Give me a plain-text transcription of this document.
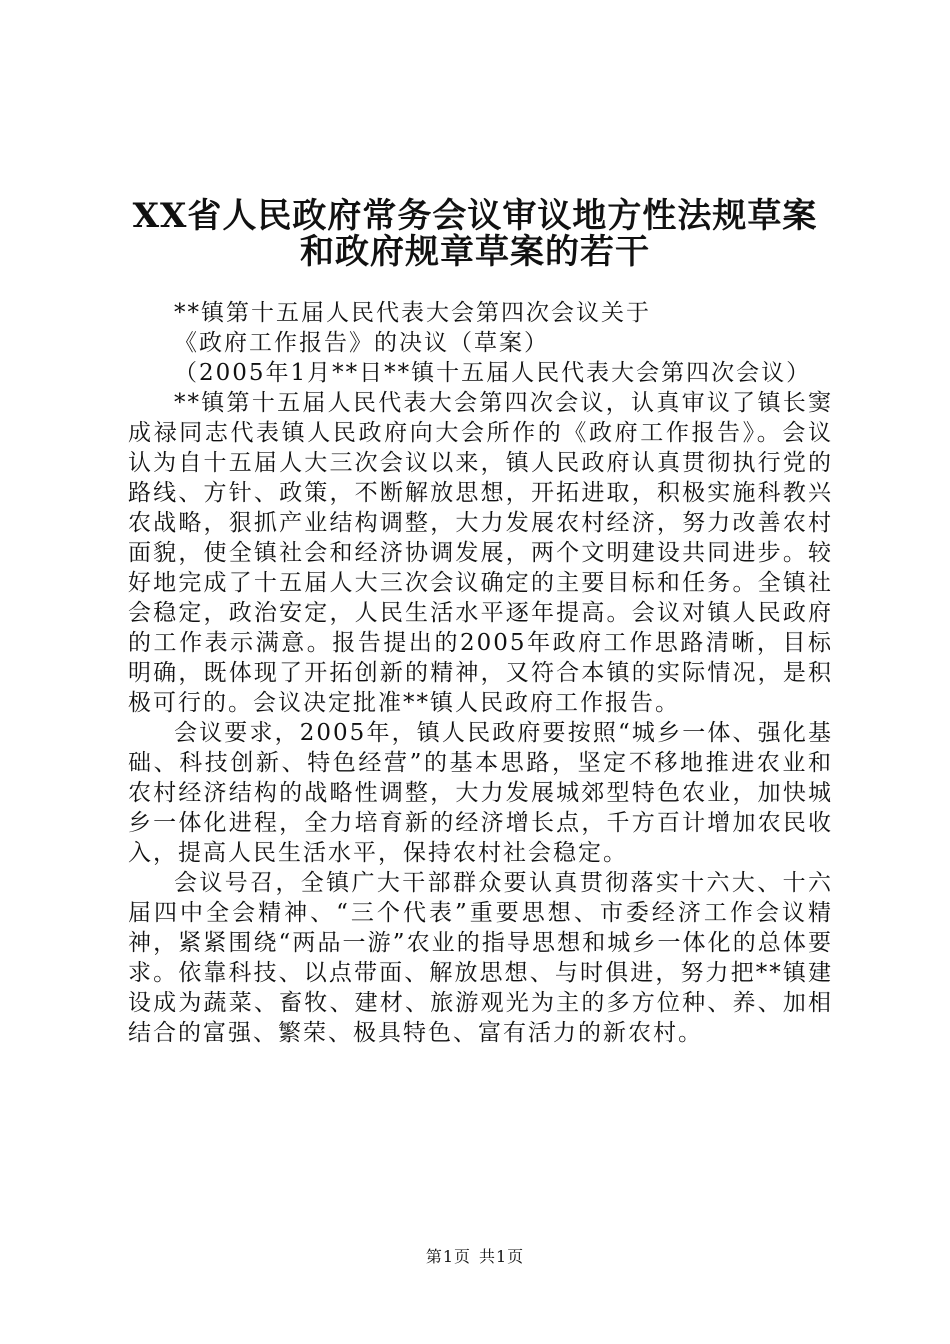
XX省人民政府常务会议审议地方性法规草案
和政府规章草案的若干

**镇第十五届人民代表大会第四次会议关于

《政府工作报告》的决议（草案）

（2005年1月**日**镇十五届人民代表大会第四次会议）

**镇第十五届人民代表大会第四次会议，认真审议了镇长窦成禄同志代表镇人民政府向大会所作的《政府工作报告》。会议认为自十五届人大三次会议以来，镇人民政府认真贯彻执行党的路线、方针、政策，不断解放思想，开拓进取，积极实施科教兴农战略，狠抓产业结构调整，大力发展农村经济，努力改善农村面貌，使全镇社会和经济协调发展，两个文明建设共同进步。较好地完成了十五届人大三次会议确定的主要目标和任务。全镇社会稳定，政治安定，人民生活水平逐年提高。会议对镇人民政府的工作表示满意。报告提出的2005年政府工作思路清晰，目标明确，既体现了开拓创新的精神，又符合本镇的实际情况，是积极可行的。会议决定批准**镇人民政府工作报告。

会议要求，2005年，镇人民政府要按照“城乡一体、强化基础、科技创新、特色经营”的基本思路，坚定不移地推进农业和农村经济结构的战略性调整，大力发展城郊型特色农业，加快城乡一体化进程，全力培育新的经济增长点，千方百计增加农民收入，提高人民生活水平，保持农村社会稳定。

会议号召，全镇广大干部群众要认真贯彻落实十六大、十六届四中全会精神、“三个代表”重要思想、市委经济工作会议精神，紧紧围绕“两品一游”农业的指导思想和城乡一体化的总体要求。依靠科技、以点带面、解放思想、与时俱进，努力把**镇建设成为蔬菜、畜牧、建材、旅游观光为主的多方位种、养、加相结合的富强、繁荣、极具特色、富有活力的新农村。

第1页 共1页
